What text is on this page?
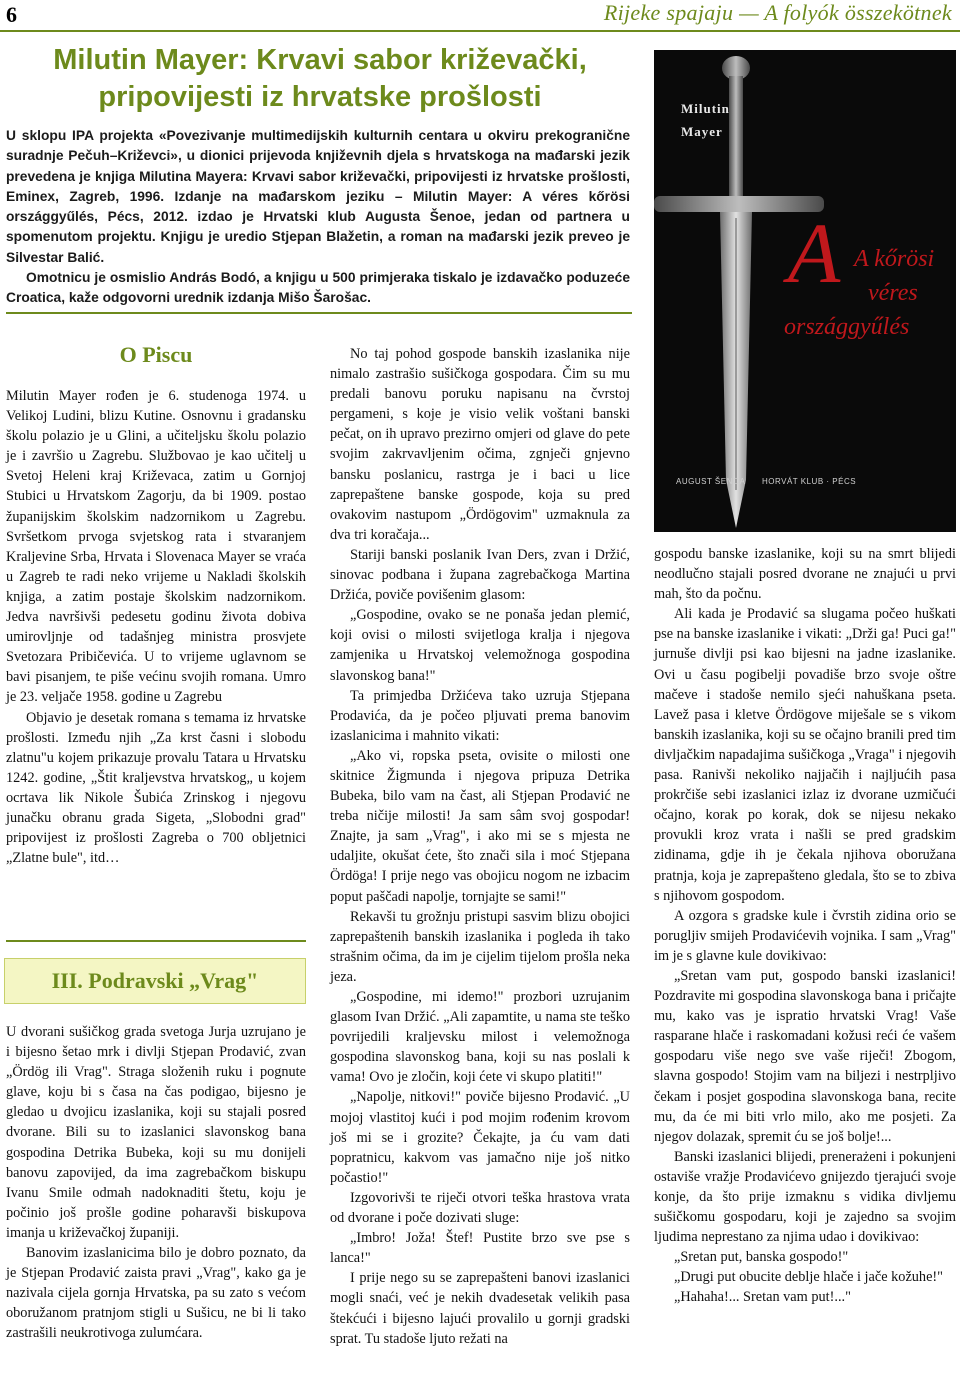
6	Rijeke spajaju — A folyók összekötnek
Milutin Mayer: Krvavi sabor križevački,
pripovijesti iz hrvatske prošlosti

U sklopu IPA projekta «Povezivanje multimedijskih kulturnih centara u okviru prekogranične suradnje Pečuh–Križevci», u dionici prijevoda književnih djela s hrvatskoga na mađarski jezik prevedena je knjiga Milutina Mayera: Krvavi sabor križevački, pripovijesti iz hrvatske prošlosti, Eminex, Zagreb, 1996. Izdanje na mađarskom jeziku – Milutin Mayer: A véres kőrösi országgyűlés, Pécs, 2012. izdao je Hrvatski klub Augusta Šenoe, jedan od partnera u spomenutom projektu. Knjigu je uredio Stjepan Blažetin, a roman na mađarski jezik preveo je Silvestar Balić.

Omotnicu je osmislio András Bodó, a knjigu u 500 primjeraka tiskalo je izdavačko poduzeće Croatica, kaže odgovorni urednik izdanja Mišo Šarošac.

Milutin
Mayer
A A kőrösi
véres
országgyűlés
AUGUST ŠENOA HORVÁT KLUB · PÉCS
O Piscu

Milutin Mayer rođen je 6. studenoga 1974. u Velikoj Ludini, blizu Kutine. Osnovnu i gradansku školu polazio je u Glini, a učiteljsku školu polazio je i završio u Zagrebu. Službovao je kao učitelj u Svetoj Heleni kraj Križevaca, zatim u Gornjoj Stubici u Hrvatskom Zagorju, da bi 1909. postao županijskim školskim nadzornikom u Zagrebu. Svršetkom prvoga svjetskog rata i stvaranjem Kraljevine Srba, Hrvata i Slovenaca Mayer se vraća u Zagreb te radi neko vrijeme u Nakladi školskih knjiga, a zatim postaje školskim nadzornikom. Jedva navršivši pedesetu godinu života dobiva umirovljnje od tadašnjeg ministra prosvjete Svetozara Pribičevića. U to vrijeme uglavnom se bavi pisanjem, te piše većinu svojih romana. Umro je 23. veljače 1958. godine u Zagrebu

Objavio je desetak romana s temama iz hrvatske prošlosti. Između njih „Za krst časni i slobodu zlatnu"u kojem prikazuje provalu Tatara u Hrvatsku 1242. godine, „Štit kraljevstva hrvatskog„ u kojem ocrtava lik Nikole Šubića Zrinskog i njegovu junačku obranu grada Sigeta, „Slobodni grad" pripovijest iz prošlosti Zagreba o 700 obljetnici „Zlatne bule", itd…

III. Podravski „Vrag"

U dvorani sušičkog grada svetoga Jurja uzrujano je i bijesno šetao mrk i divlji Stjepan Prodavić, zvan „Ördög ili Vrag". Straga složenih ruku i pognute glave, koju bi s časa na čas podigao, bijesno je gledao u dvojicu izaslanika, koji su stajali posred dvorane. Bili su to izaslanici slavonskog bana gospodina Detrika Bubeka, koji su mu donijeli banovu zapovijed, da ima zagrebačkom biskupu Ivanu Smile odmah nadoknaditi štetu, koju je počinio još prošle godine poharavši biskupova imanja u križevačkoj županiji.

Banovim izaslanicima bilo je dobro poznato, da je Stjepan Prodavić zaista pravi „Vrag", kako ga je nazivala cijela gornja Hrvatska, pa su zato s većom oboružanom pratnjom stigli u Sušicu, ne bi li tako zastrašili neukrotivoga zulumćara.

No taj pohod gospode banskih izaslanika nije nimalo zastrašio sušičkoga gospodara. Čim su mu predali banovu poruku napisanu na čvrstoj pergameni, s koje je visio velik voštani banski pečat, on ih upravo prezirno omjeri od glave do pete svojim zakrvavljenim očima, zgnječi gnjevno bansku poslanicu, rastrga je i baci u lice zaprepaštene banske gospode, koja su pred ovakovim nastupom „Ördögovim" uzmaknula za dva tri koračaja...

Stariji banski poslanik Ivan Ders, zvan i Držić, sinovac podbana i župana zagrebačkoga Martina Držića, poviče povišenim glasom:

„Gospodine, ovako se ne ponaša jedan plemić, koji ovisi o milosti svijetloga kralja i njegova zamjenika u Hrvatskoj velemožnoga gospodina slavonskog bana!"

Ta primjedba Držićeva tako uzruja Stjepana Prodavića, da je počeo pljuvati prema banovim izaslanicima i mahnito vikati:

„Ako vi, ropska pseta, ovisite o milosti one skitnice Žigmunda i njegova pripuza Detrika Bubeka, bilo vam na čast, ali Stjepan Prodavić ne treba ničije milosti! Ja sam sâm svoj gospodar! Znajte, ja sam „Vrag", i ako mi se s mjesta ne udaljite, okušat ćete, što znači sila i moć Stjepana Ördöga! I prije nego vas obojicu nogom ne izbacim poput paščadi napolje, tornjajte se sami!"

Rekavši tu grožnju pristupi sasvim blizu obojici zaprepaštenih banskih izaslanika i pogleda ih tako strašnim očima, da im je cijelim tijelom prošla neka jeza.

„Gospodine, mi idemo!" prozbori uzrujanim glasom Ivan Držić. „Ali zapamtite, u nama ste teško povrijedili kraljevsku milost i velemožnoga gospodina slavonskog bana, koji su nas poslali k vama! Ovo je zločin, koji ćete vi skupo platiti!"

„Napolje, nitkovi!" poviče bijesno Prodavić. „U mojoj vlastitoj kući i pod mojim rođenim krovom još mi se i grozite? Čekajte, ja ću vam dati popratnicu, kakvom vas jamačno nije još nitko počastio!"

Izgovorivši te riječi otvori teška hrastova vrata od dvorane i poče dozivati sluge:

„Imbro! Joža! Štef! Pustite brzo sve pse s lanca!"

I prije nego su se zaprepašteni banovi izaslanici mogli snaći, već je nekih dvadesetak velikih pasa štekćući i bijesno lajući provalilo u gornji gradski sprat. Tu stadoše ljuto režati na

gospodu banske izaslanike, koji su na smrt blijedi neodlučno stajali posred dvorane ne znajući u prvi mah, što da počnu.

Ali kada je Prodavić sa slugama počeo huškati pse na banske izaslanike i vikati: „Drži ga! Puci ga!" jurnuše divlji psi kao bijesni na jadne izaslanike. Ovi u času pogibelji povadiše brzo svoje oštre mačeve i stadoše nemilo sjeći nahuškana pseta. Lavež pasa i kletve Ördögove miješale se s vikom banskih izaslanika, koji su se očajno branili pred tim divljačkim napadajima sušičkoga „Vraga" i njegovih pasa. Ranivši nekoliko najjačih i najljućih pasa prokrčiše sebi izaslanici izlaz iz dvorane uzmičući očajno, korak po korak, dok se nijesu nekako provukli kroz vrata i našli se pred gradskim zidinama, gdje ih je čekala njihova oboružana pratnja, koja je zaprepašteno gledala, što se to zbiva s njihovom gospodom.

A ozgora s gradske kule i čvrstih zidina orio se porugljiv smijeh Prodavićevih vojnika. I sam „Vrag" im je s glavne kule dovikivao:

„Sretan vam put, gospodo banski izaslanici! Pozdravite mi gospodina slavonskoga bana i pričajte mu, kako vas je ispratio hrvatski Vrag! Vaše rasparane hlače i raskomadani kožusi reći će vašem gospodaru više nego sve vaše riječi! Zbogom, slavna gospodo! Stojim vam na biljezi i nestrpljivo čekam i posjet gospodina slavonskoga bana, recite mu, da će mi biti vrlo milo, ako me posjeti. Za njegov dolazak, spremit ću se još bolje!...

Banski izaslanici blijedi, prenerażeni i pokunjeni ostaviše vražje Prodavićevo gnijezdo tjerajući svoje konje, da što prije izmaknu s vidika divljemu sušičkomu gospodaru, koji je zajedno sa svojim ljudima neprestano za njima udao i dovikivao:

„Sretan put, banska gospodo!"

„Drugi put obucite deblje hlače i jače kožuhe!"

„Hahaha!... Sretan vam put!..."
